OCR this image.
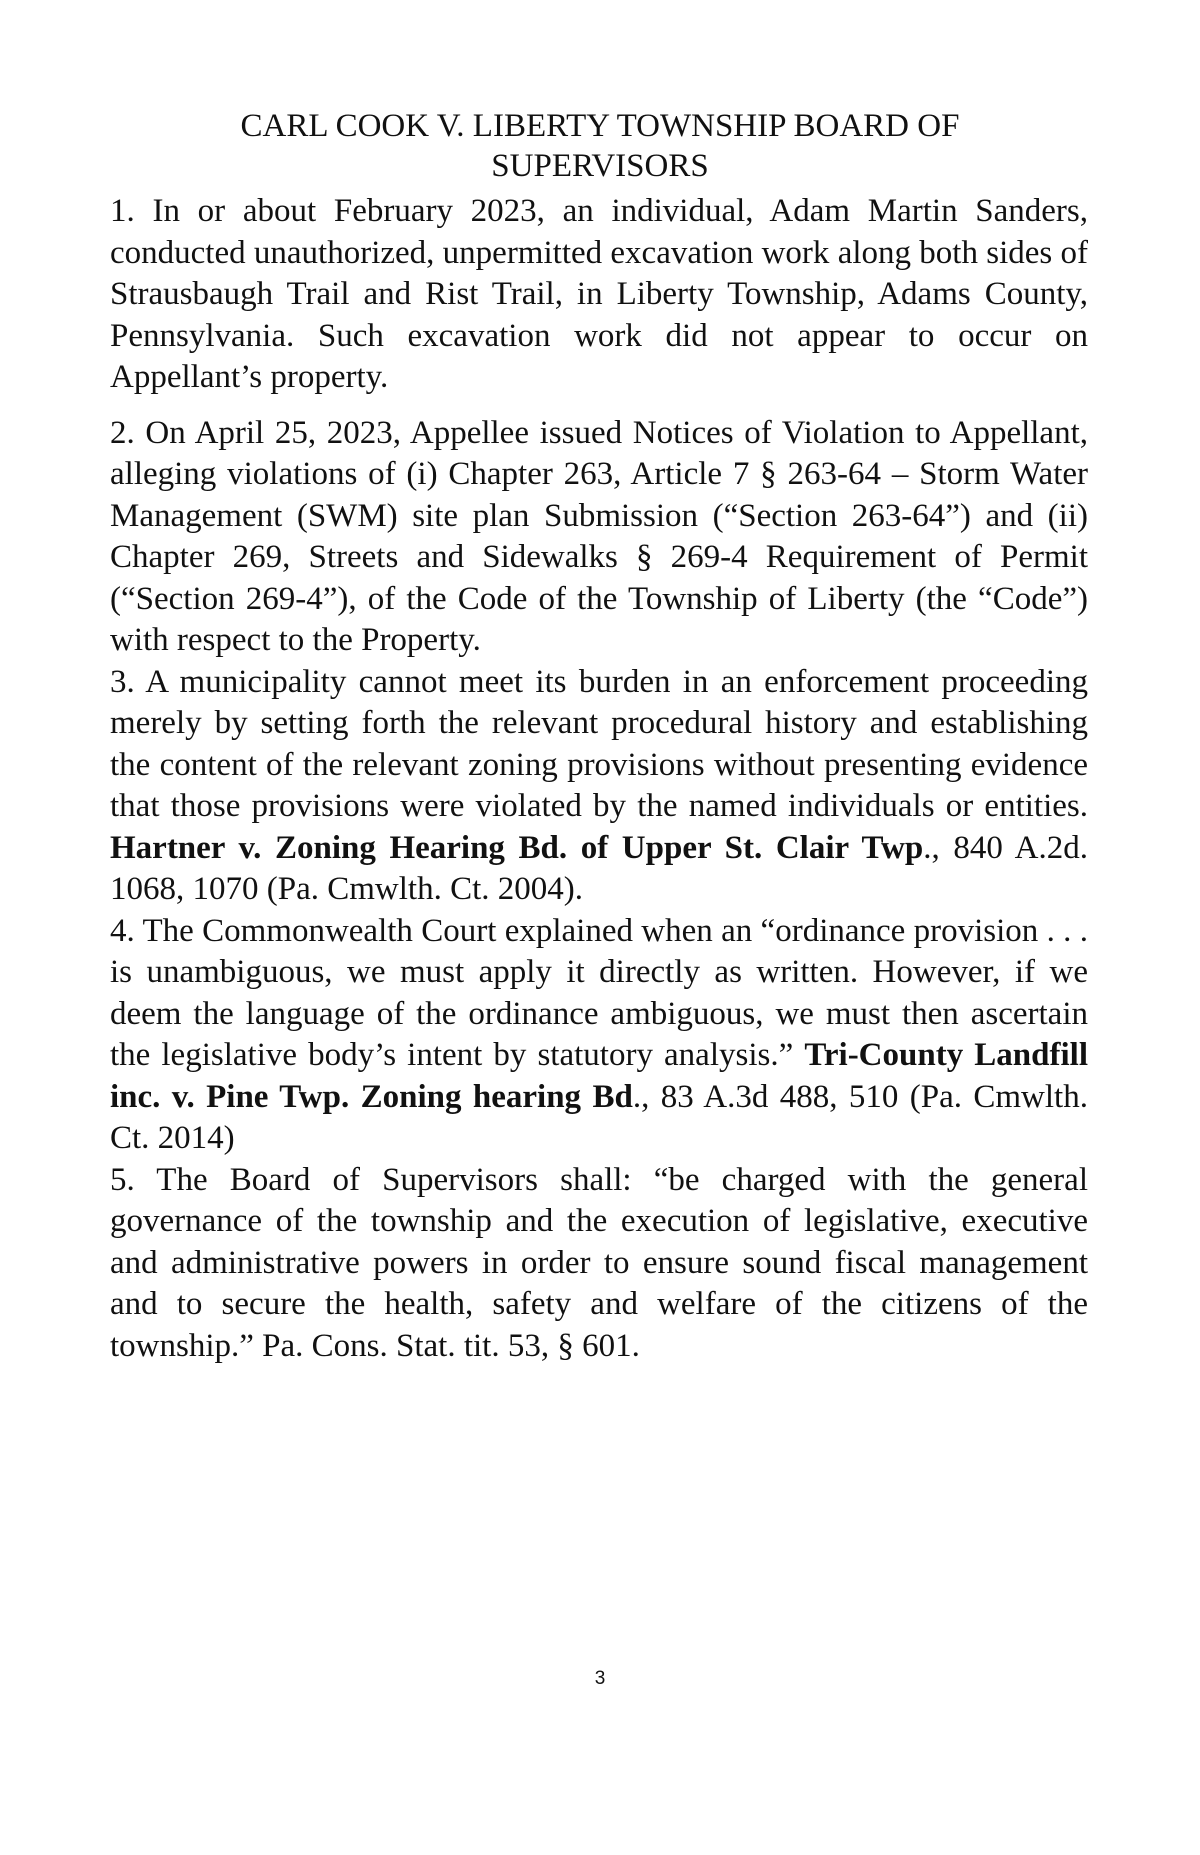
CARL COOK V. LIBERTY TOWNSHIP BOARD OF
SUPERVISORS

1. In or about February 2023, an individual, Adam Martin Sanders, conducted unauthorized, unpermitted excavation work along both sides of Strausbaugh Trail and Rist Trail, in Liberty Township, Adams County, Pennsylvania. Such excavation work did not appear to occur on Appellant’s property.

2. On April 25, 2023, Appellee issued Notices of Violation to Appellant, alleging violations of (i) Chapter 263, Article 7 § 263-64 – Storm Water Management (SWM) site plan Submission (“Section 263-64”) and (ii) Chapter 269, Streets and Sidewalks § 269-4 Requirement of Permit (“Section 269-4”), of the Code of the Township of Liberty (the “Code”) with respect to the Property.

3. A municipality cannot meet its burden in an enforcement proceeding merely by setting forth the relevant procedural history and establishing the content of the relevant zoning provisions without presenting evidence that those provisions were violated by the named individuals or entities. Hartner v. Zoning Hearing Bd. of Upper St. Clair Twp., 840 A.2d. 1068, 1070 (Pa. Cmwlth. Ct. 2004).

4. The Commonwealth Court explained when an “ordinance provision . . . is unambiguous, we must apply it directly as written. However, if we deem the language of the ordinance ambiguous, we must then ascertain the legislative body’s intent by statutory analysis.” Tri-County Landfill inc. v. Pine Twp. Zoning hearing Bd., 83 A.3d 488, 510 (Pa. Cmwlth. Ct. 2014)

5. The Board of Supervisors shall: “be charged with the general governance of the township and the execution of legislative, executive and administrative powers in order to ensure sound fiscal management and to secure the health, safety and welfare of the citizens of the township.” Pa. Cons. Stat. tit. 53, § 601.

3
